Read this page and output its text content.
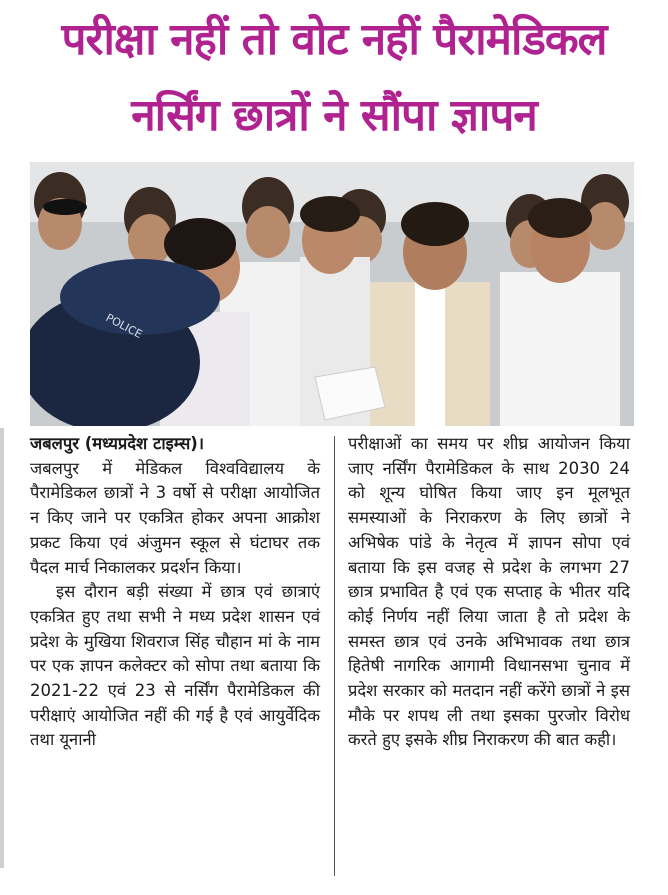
परीक्षा नहीं तो वोट नहीं पैरामेडिकल
नर्सिंग छात्रों ने सौंपा ज्ञापन
POLICE

जबलपुर (मध्यप्रदेश टाइम्स)।

जबलपुर में मेडिकल विश्वविद्यालय के पैरामेडिकल छात्रों ने 3 वर्षो से परीक्षा आयोजित न किए जाने पर एकत्रित होकर अपना आक्रोश प्रकट किया एवं अंजुमन स्कूल से घंटाघर तक पैदल मार्च निकालकर प्रदर्शन किया।

इस दौरान बड़ी संख्या में छात्र एवं छात्राएं एकत्रित हुए तथा सभी ने मध्य प्रदेश शासन एवं प्रदेश के मुखिया शिवराज सिंह चौहान मां के नाम पर एक ज्ञापन कलेक्टर को सोपा तथा बताया कि 2021-22 एवं 23 से नर्सिंग पैरामेडिकल की परीक्षाएं आयोजित नहीं की गई है एवं आयुर्वेदिक तथा यूनानी

परीक्षाओं का समय पर शीघ्र आयोजन किया जाए नर्सिंग पैरामेडिकल के साथ 2030 24 को शून्य घोषित किया जाए इन मूलभूत समस्याओं के निराकरण के लिए छात्रों ने अभिषेक पांडे के नेतृत्व में ज्ञापन सोपा एवं बताया कि इस वजह से प्रदेश के लगभग 27 छात्र प्रभावित है एवं एक सप्ताह के भीतर यदि कोई निर्णय नहीं लिया जाता है तो प्रदेश के समस्त छात्र एवं उनके अभिभावक तथा छात्र हितेषी नागरिक आगामी विधानसभा चुनाव में प्रदेश सरकार को मतदान नहीं करेंगे छात्रों ने इस मौके पर शपथ ली तथा इसका पुरजोर विरोध करते हुए इसके शीघ्र निराकरण की बात कही।
